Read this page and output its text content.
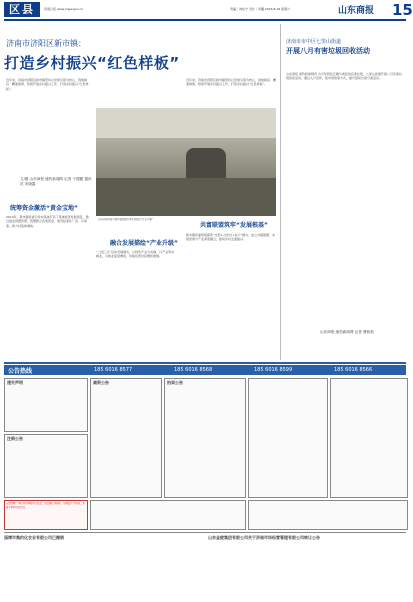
区县	济南日报 www.jnsjw.gov.cn	责编｜刘东宁 设计｜李璐 2023.8.19 星期六	山东商报 15
济南市济阳区新市镇：
打造乡村振兴“红色样板”
近年来，济南市济阳区新市镇坚持以党建引领为核心，因地制宜、精准施策，积极开展乡村振兴工作，打造乡村振兴“红色样板”。
文/图 山东商报·速豹新闻网 记者 于德徽 通讯员 宋晓露
统筹资金激活“黄金宝地”
2019年，新市镇党委引导村集体打造了集体经济发展项目，通过盘活闲置资源，统筹整合各类资金，建设标准化厂房、冷库等，助力村集体增收。
济南济阳区新市镇开展党建引领乡村振兴“红色引擎”
融合发展描绘“产业升级”
“二园三片”区块发展模式，以特色产业为支撑，以产业带动就业，以就业促进增收，持续拓宽村民增收渠道。
近年来，济南市济阳区新市镇坚持以党建引领为核心，因地制宜、精准施策，积极开展乡村振兴工作，打造乡村振兴“红色样板”。
共富联盟筑牢“发展根基”
新市镇党委积极探索“支部+合作社+农户”模式，成立共富联盟，实现党建与产业深度融合，推动乡村全面振兴。
济南市市中区七里山街道
开展八月有害垃圾回收活动
山东商报·速豹新闻网讯 为引导居民正确分类投放有害垃圾，七里山街道开展八月有害垃圾回收活动，通过入户宣传、集中回收等方式，提升居民垃圾分类意识。
山东商报·速豹新闻网 记者 曹莉莉
公告热线	185 6016 8577	185 6016 8568	185 6016 8599	185 6016 8566
遗失声明
注销公告
减资公告	拍卖公告
友情提醒：本栏目刊登的所有信息，读者需认真核实，如因此产生纠纷，本报不承担任何责任。
淄博市集约化农业有限公司已撤销	山东金陵集团有限公司关于济南市场经营管理有限公司转让公告
